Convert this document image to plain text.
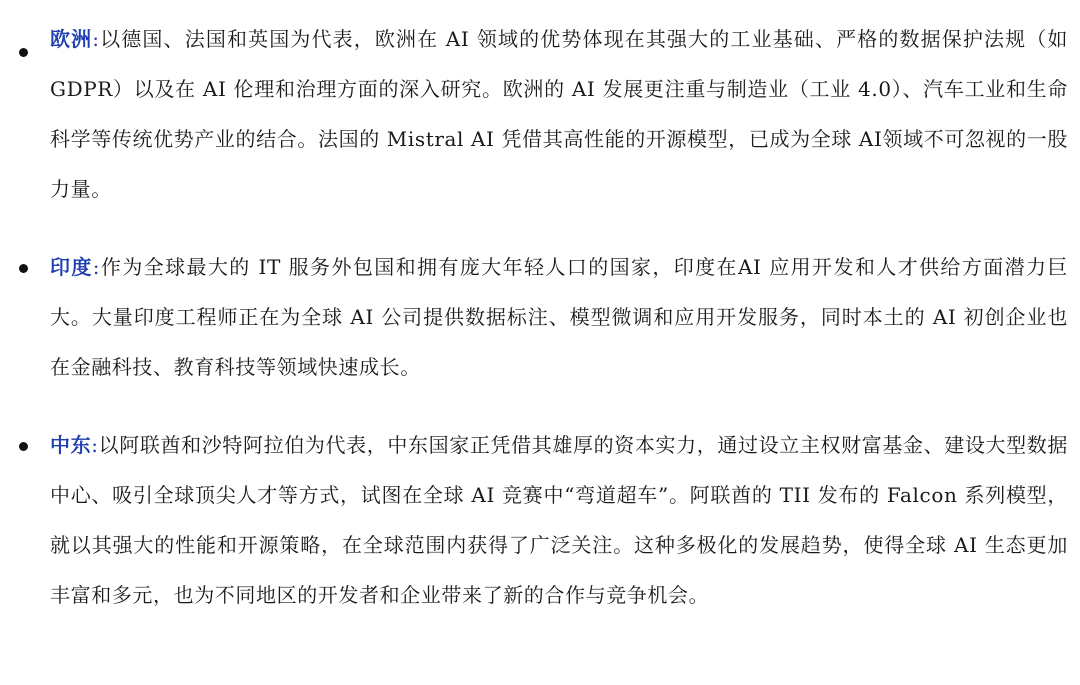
欧洲:以德国、法国和英国为代表，欧洲在 AI 领域的优势体现在其强大的工业基础、严格的数据保护法规（如 GDPR）以及在 AI 伦理和治理方面的深入研究。欧洲的 AI 发展更注重与制造业（工业 4.0）、汽车工业和生命科学等传统优势产业的结合。法国的 Mistral AI 凭借其高性能的开源模型，已成为全球 AI领域不可忽视的一股力量。

印度:作为全球最大的 IT 服务外包国和拥有庞大年轻人口的国家，印度在AI 应用开发和人才供给方面潜力巨大。大量印度工程师正在为全球 AI 公司提供数据标注、模型微调和应用开发服务，同时本土的 AI 初创企业也在金融科技、教育科技等领域快速成长。

中东:以阿联酋和沙特阿拉伯为代表，中东国家正凭借其雄厚的资本实力，通过设立主权财富基金、建设大型数据中心、吸引全球顶尖人才等方式，试图在全球 AI 竞赛中“弯道超车”。阿联酋的 TII 发布的 Falcon 系列模型，就以其强大的性能和开源策略，在全球范围内获得了广泛关注。这种多极化的发展趋势，使得全球 AI 生态更加丰富和多元，也为不同地区的开发者和企业带来了新的合作与竞争机会。
